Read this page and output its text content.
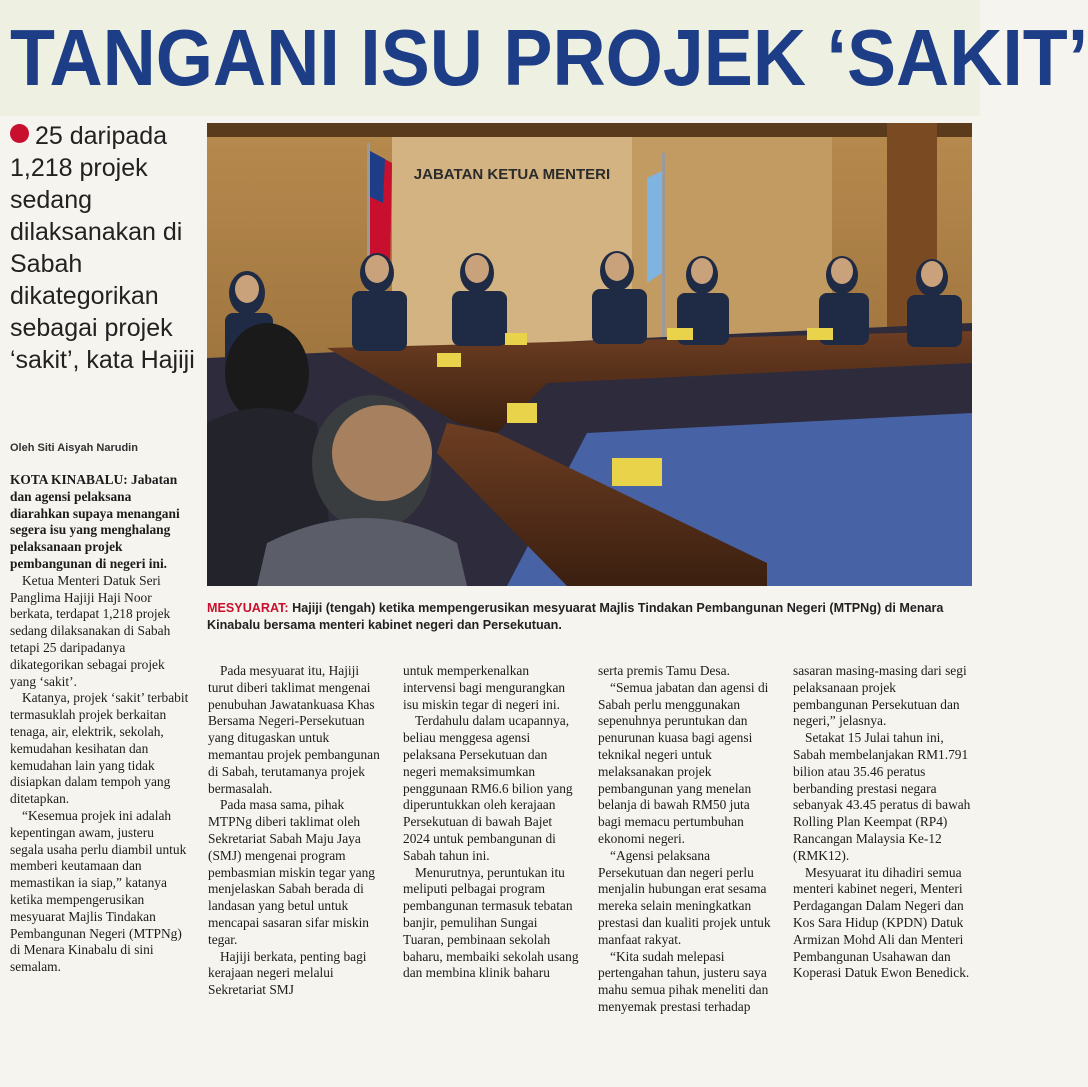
TANGANI ISU PROJEK ‘SAKIT’
25 daripada 1,218 projek sedang dilaksanakan di Sabah dikategorikan sebagai projek ‘sakit’, kata Hajiji
Oleh Siti Aisyah Narudin

KOTA KINABALU: Jabatan dan agensi pelaksana diarahkan supaya menangani segera isu yang menghalang pelaksanaan projek pembangunan di negeri ini.

Ketua Menteri Datuk Seri Panglima Hajiji Haji Noor berkata, terdapat 1,218 projek sedang dilaksanakan di Sabah tetapi 25 daripadanya dikategorikan sebagai projek yang ‘sakit’.

Katanya, projek ‘sakit’ terbabit termasuklah projek berkaitan tenaga, air, elektrik, sekolah, kemudahan kesihatan dan kemudahan lain yang tidak disiapkan dalam tempoh yang ditetapkan.

“Kesemua projek ini adalah kepentingan awam, justeru segala usaha perlu diambil untuk memberi keutamaan dan memastikan ia siap,” katanya ketika mempengerusikan mesyuarat Majlis Tindakan Pembangunan Negeri (MTPNg) di Menara Kinabalu di sini semalam.

JABATAN KETUA MENTERI
MESYUARAT: Hajiji (tengah) ketika mempengerusikan mesyuarat Majlis Tindakan Pembangunan Negeri (MTPNg) di Menara Kinabalu bersama menteri kabinet negeri dan Persekutuan.

Pada mesyuarat itu, Hajiji turut diberi taklimat mengenai penubuhan Jawatankuasa Khas Bersama Negeri-Persekutuan yang ditugaskan untuk memantau projek pembangunan di Sabah, terutamanya projek bermasalah.

Pada masa sama, pihak MTPNg diberi taklimat oleh Sekretariat Sabah Maju Jaya (SMJ) mengenai program pembasmian miskin tegar yang menjelaskan Sabah berada di landasan yang betul untuk mencapai sasaran sifar miskin tegar.

Hajiji berkata, penting bagi kerajaan negeri melalui Sekretariat SMJ

untuk memperkenalkan intervensi bagi mengurangkan isu miskin tegar di negeri ini.

Terdahulu dalam ucapannya, beliau menggesa agensi pelaksana Persekutuan dan negeri memaksimumkan penggunaan RM6.6 bilion yang diperuntukkan oleh kerajaan Persekutuan di bawah Bajet 2024 untuk pembangunan di Sabah tahun ini.

Menurutnya, peruntukan itu meliputi pelbagai program pembangunan termasuk tebatan banjir, pemulihan Sungai Tuaran, pembinaan sekolah baharu, membaiki sekolah usang dan membina klinik baharu

serta premis Tamu Desa.

“Semua jabatan dan agensi di Sabah perlu menggunakan sepenuhnya peruntukan dan penurunan kuasa bagi agensi teknikal negeri untuk melaksanakan projek pembangunan yang menelan belanja di bawah RM50 juta bagi memacu pertumbuhan ekonomi negeri.

“Agensi pelaksana Persekutuan dan negeri perlu menjalin hubungan erat sesama mereka selain meningkatkan prestasi dan kualiti projek untuk manfaat rakyat.

“Kita sudah melepasi pertengahan tahun, justeru saya mahu semua pihak meneliti dan menyemak prestasi terhadap

sasaran masing-masing dari segi pelaksanaan projek pembangunan Persekutuan dan negeri,” jelasnya.

Setakat 15 Julai tahun ini, Sabah membelanjakan RM1.791 bilion atau 35.46 peratus berbanding prestasi negara sebanyak 43.45 peratus di bawah Rolling Plan Keempat (RP4) Rancangan Malaysia Ke-12 (RMK12).

Mesyuarat itu dihadiri semua menteri kabinet negeri, Menteri Perdagangan Dalam Negeri dan Kos Sara Hidup (KPDN) Datuk Armizan Mohd Ali dan Menteri Pembangunan Usahawan dan Koperasi Datuk Ewon Benedick.
